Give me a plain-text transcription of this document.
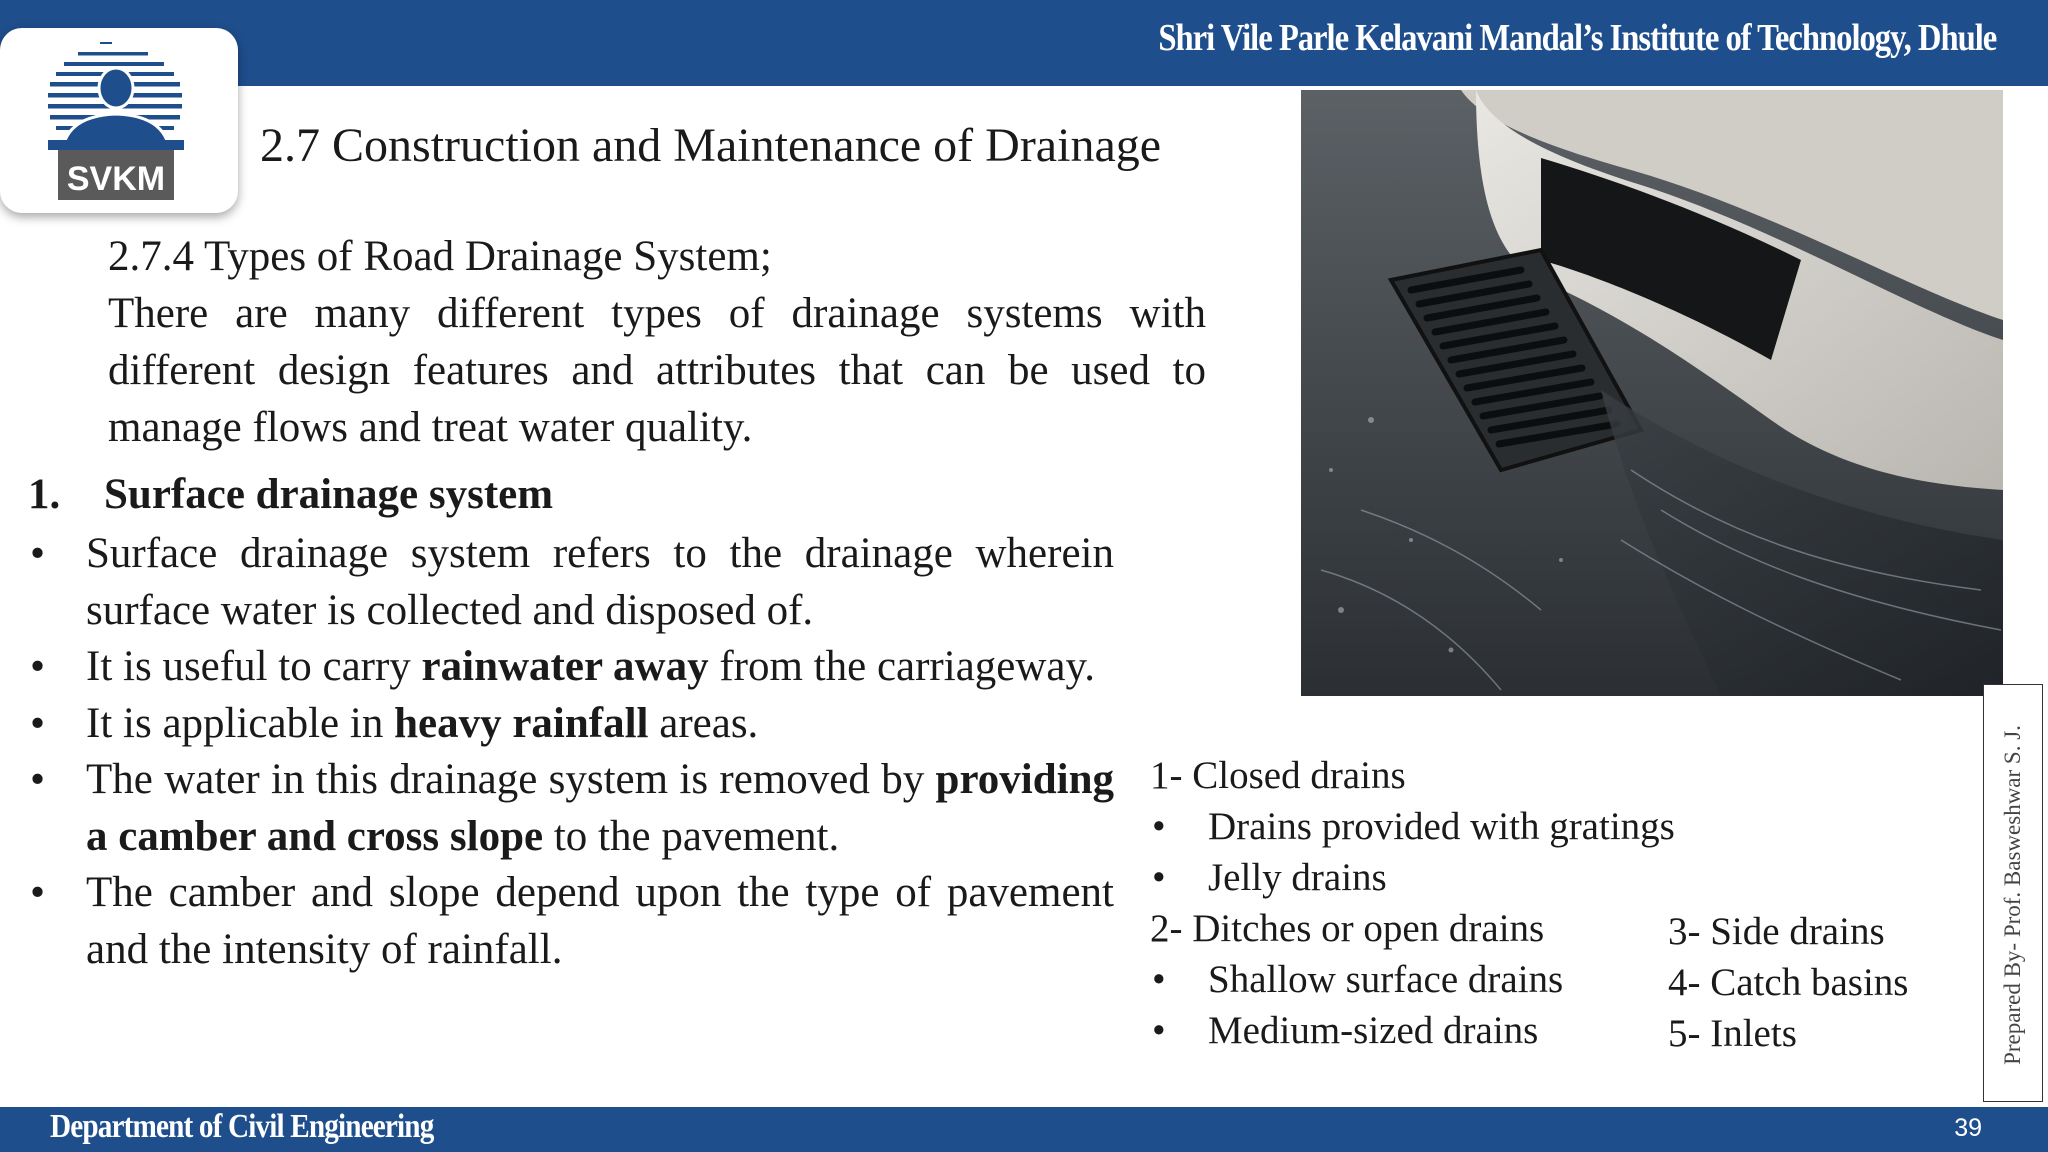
Shri Vile Parle Kelavani Mandal’s Institute of Technology, Dhule
SVKM
2.7 Construction and Maintenance of Drainage
2.7.4 Types of Road Drainage System;
There are many different types of drainage systems with different design features and attributes that can be used to manage flows and treat water quality.
1. Surface drainage system
• Surface drainage system refers to the drainage wherein surface water is collected and disposed of.
• It is useful to carry rainwater away from the carriageway.
• It is applicable in heavy rainfall areas.
• The water in this drainage system is removed by providing a camber and cross slope to the pavement.
• The camber and slope depend upon the type of pavement and the intensity of rainfall.
1- Closed drains
• Drains provided with gratings
• Jelly drains
2- Ditches or open drains
• Shallow surface drains
• Medium-sized drains
3- Side drains
4- Catch basins
5- Inlets	Prepared By- Prof. Basweshwar S. J.
Department of Civil Engineering	39
